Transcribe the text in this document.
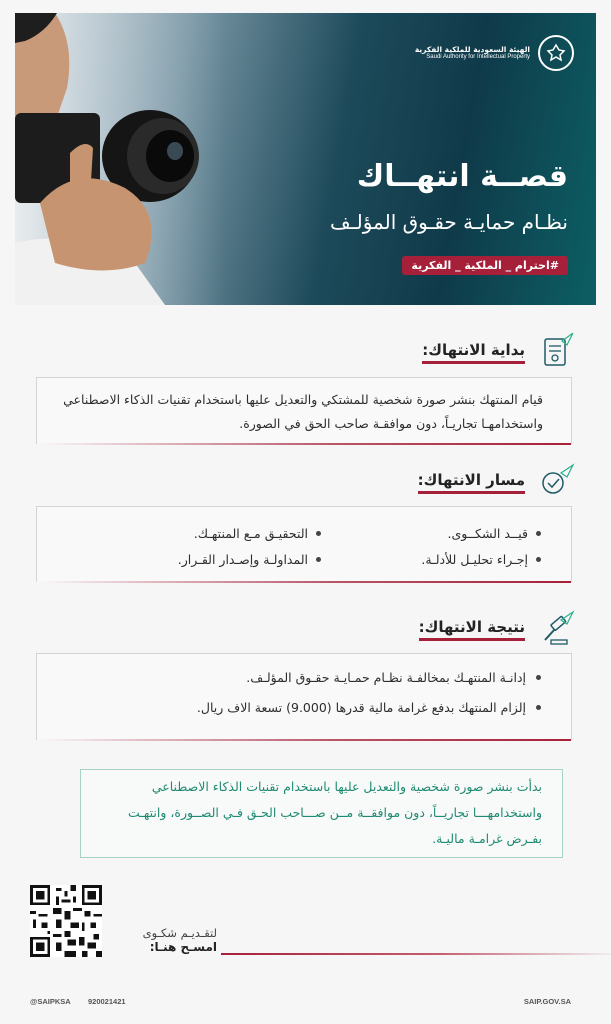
الهيئة السعودية للملكية الفكرية
Saudi Authority for Intellectual Property
قصــة انتهــاك
نظـام حمايـة حقـوق المؤلـف
#احترام _ الملكية _ الفكرية
بداية الانتهاك:

قيام المنتهك بنشر صورة شخصية للمشتكي والتعديل عليها باستخدام تقنيات الذكاء الاصطناعي واستخدامهـا تجاريـاً، دون موافقـة صاحب الحق في الصورة.

مسار الانتهاك:
قيــد الشكــوى.
التحقيـق مـع المنتهـك.
إجـراء تحليـل للأدلـة.
المداولـة وإصـدار القـرار.
نتيجة الانتهاك:
إدانـة المنتهـك بمخالفـة نظـام حمـايـة حقـوق المؤلـف.
إلزام المنتهك بدفع غرامة مالية قدرها (9.000) تسعة الاف ريال.

بدأت بنشر صورة شخصية والتعديل عليها باستخدام تقنيات الذكاء الاصطناعي واستخدامهـــا تجاريــاً، دون موافقــة مــن صـــاحب الحـق فـي الصــورة، وانتهـت بفـرض غرامـة ماليـة.

لتقـديـم شكـوى
امسـح هنـا:
@SAIPKSA 920021421	SAIP.GOV.SA
